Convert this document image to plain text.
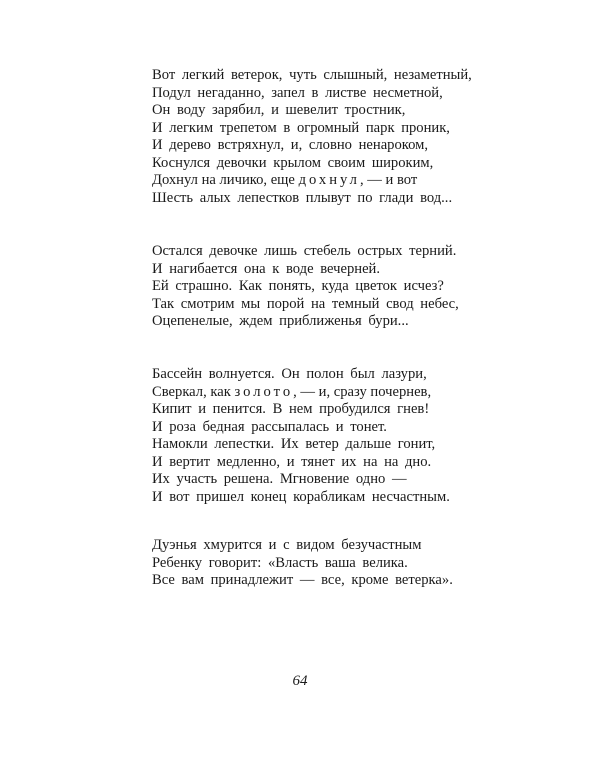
Вот легкий ветерок, чуть слышный, незаметный,
Подул негаданно, запел в листве несметной,
Он воду зарябил, и шевелит тростник,
И легким трепетом в огромный парк проник,
И дерево встряхнул, и, словно ненароком,
Коснулся девочки крылом своим широким,
Дохнул на личико, еще дохнул, — и вот
Шесть алых лепестков плывут по глади вод...
Остался девочке лишь стебель острых терний.
И нагибается она к воде вечерней.
Ей страшно. Как понять, куда цветок исчез?
Так смотрим мы порой на темный свод небес,
Оцепенелые, ждем приближенья бури...
Бассейн волнуется. Он полон был лазури,
Сверкал, как золото, — и, сразу почернев,
Кипит и пенится. В нем пробудился гнев!
И роза бедная рассыпалась и тонет.
Намокли лепестки. Их ветер дальше гонит,
И вертит медленно, и тянет их на на дно.
Их участь решена. Мгновение одно —
И вот пришел конец корабликам несчастным.
Дуэнья хмурится и с видом безучастным
Ребенку говорит: «Власть ваша велика.
Все вам принадлежит — все, кроме ветерка».
64
